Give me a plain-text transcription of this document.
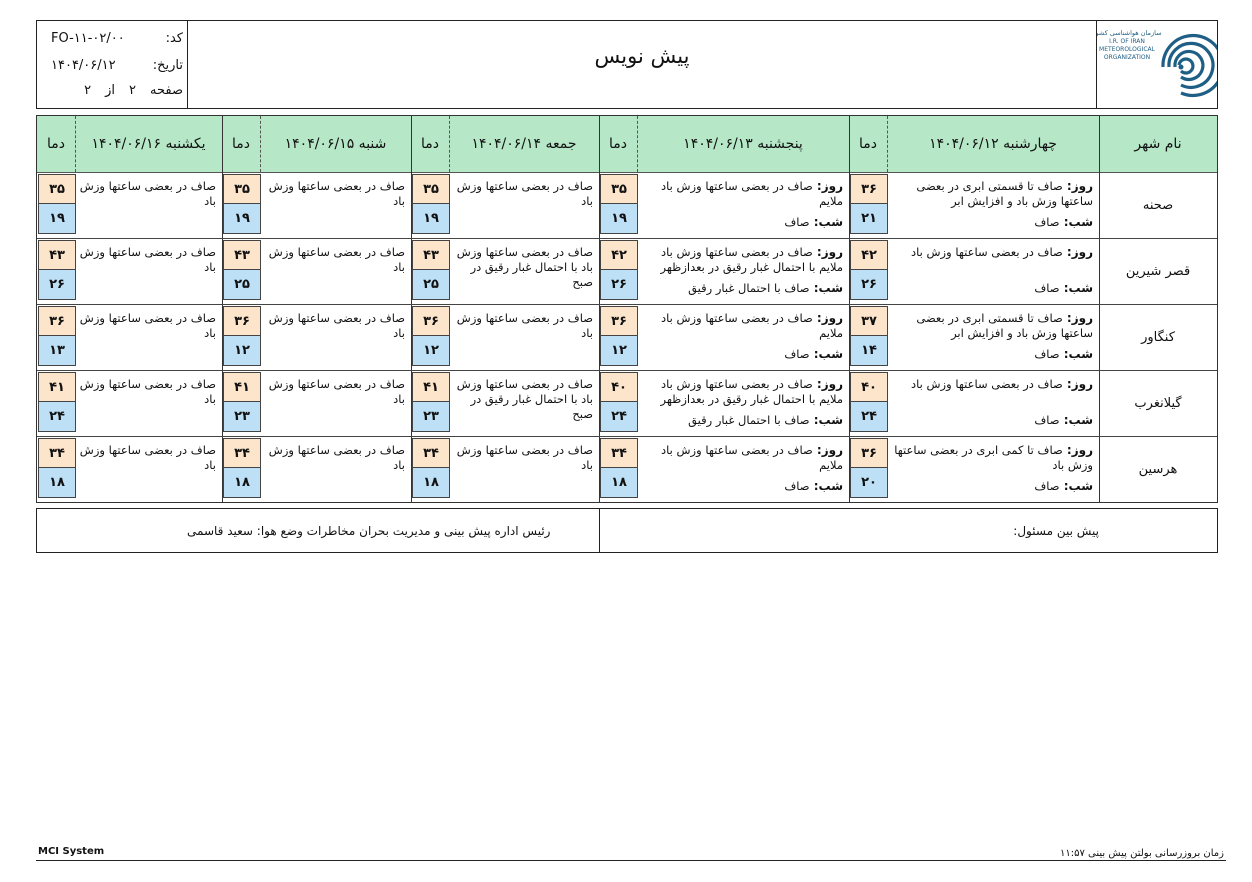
کد:
FO-۱۱-۰۲/۰۰
تاریخ:
۱۴۰۴/۰۶/۱۲
صفحه
۲
از
۲
پیش نویس
سازمان هواشناسی کشور
I.R. OF IRAN
METEOROLOGICAL
ORGANIZATION
نام شهر
چهارشنبه ۱۴۰۴/۰۶/۱۲
دما
پنجشنبه ۱۴۰۴/۰۶/۱۳
دما
جمعه ۱۴۰۴/۰۶/۱۴
دما
شنبه ۱۴۰۴/۰۶/۱۵
دما
یکشنبه ۱۴۰۴/۰۶/۱۶
دما
صحنه
روز: صاف تا قسمتی ابری در بعضی ساعتها وزش باد و افزایش ابر
شب: صاف
۳۶
۲۱
روز: صاف در بعضی ساعتها وزش باد ملایم
شب: صاف
۳۵
۱۹
صاف در بعضی ساعتها وزش باد
۳۵
۱۹
صاف در بعضی ساعتها وزش باد
۳۵
۱۹
صاف در بعضی ساعتها وزش باد
۳۵
۱۹
قصر شیرین
روز: صاف در بعضی ساعتها وزش باد
شب: صاف
۴۲
۲۶
روز: صاف در بعضی ساعتها وزش باد ملایم با احتمال غبار رقیق در بعدازظهر
شب: صاف با احتمال غبار رقیق
۴۲
۲۶
صاف در بعضی ساعتها وزش باد با احتمال غبار رقیق در صبح
۴۳
۲۵
صاف در بعضی ساعتها وزش باد
۴۳
۲۵
صاف در بعضی ساعتها وزش باد
۴۳
۲۶
کنگاور
روز: صاف تا قسمتی ابری در بعضی ساعتها وزش باد و افزایش ابر
شب: صاف
۳۷
۱۴
روز: صاف در بعضی ساعتها وزش باد ملایم
شب: صاف
۳۶
۱۲
صاف در بعضی ساعتها وزش باد
۳۶
۱۲
صاف در بعضی ساعتها وزش باد
۳۶
۱۲
صاف در بعضی ساعتها وزش باد
۳۶
۱۳
گیلانغرب
روز: صاف در بعضی ساعتها وزش باد
شب: صاف
۴۰
۲۴
روز: صاف در بعضی ساعتها وزش باد ملایم با احتمال غبار رقیق در بعدازظهر
شب: صاف با احتمال غبار رقیق
۴۰
۲۴
صاف در بعضی ساعتها وزش باد با احتمال غبار رقیق در صبح
۴۱
۲۳
صاف در بعضی ساعتها وزش باد
۴۱
۲۳
صاف در بعضی ساعتها وزش باد
۴۱
۲۴
هرسین
روز: صاف تا کمی ابری در بعضی ساعتها وزش باد
شب: صاف
۳۶
۲۰
روز: صاف در بعضی ساعتها وزش باد ملایم
شب: صاف
۳۴
۱۸
صاف در بعضی ساعتها وزش باد
۳۴
۱۸
صاف در بعضی ساعتها وزش باد
۳۴
۱۸
صاف در بعضی ساعتها وزش باد
۳۴
۱۸
رئیس اداره پیش بینی و مدیریت بحران مخاطرات وضع هوا: سعید قاسمی	پیش بین مسئول:
MCI System	زمان بروزرسانی بولتن پیش بینی ۱۱:۵۷
